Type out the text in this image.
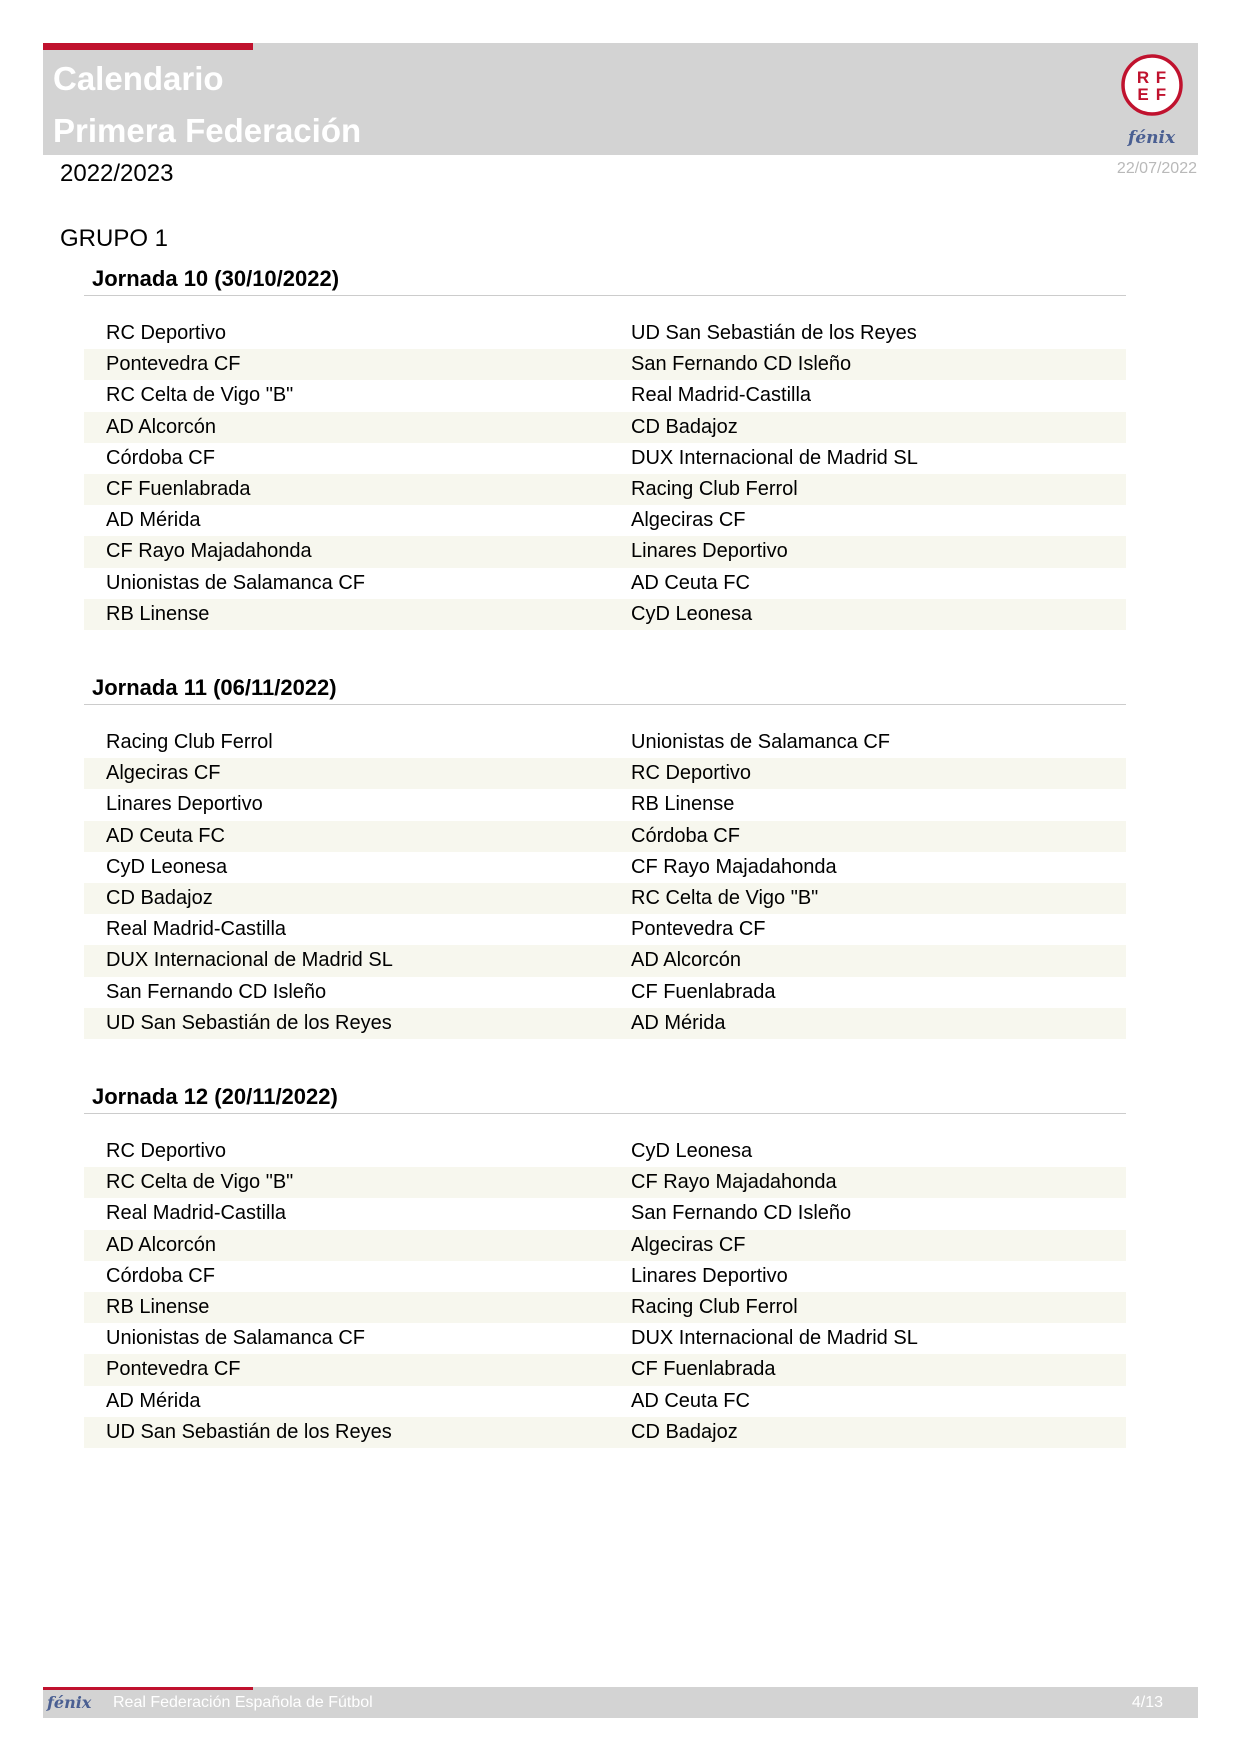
Calendario
Primera Federación
R F
E F
fénix
2022/2023	22/07/2022
GRUPO 1
Jornada 10 (30/10/2022)
RC Deportivo	UD San Sebastián de los Reyes
Pontevedra CF	San Fernando CD Isleño
RC Celta de Vigo "B"	Real Madrid-Castilla
AD Alcorcón	CD Badajoz
Córdoba CF	DUX Internacional de Madrid SL
CF Fuenlabrada	Racing Club Ferrol
AD Mérida	Algeciras CF
CF Rayo Majadahonda	Linares Deportivo
Unionistas de Salamanca CF	AD Ceuta FC
RB Linense	CyD Leonesa
Jornada 11 (06/11/2022)
Racing Club Ferrol	Unionistas de Salamanca CF
Algeciras CF	RC Deportivo
Linares Deportivo	RB Linense
AD Ceuta FC	Córdoba CF
CyD Leonesa	CF Rayo Majadahonda
CD Badajoz	RC Celta de Vigo "B"
Real Madrid-Castilla	Pontevedra CF
DUX Internacional de Madrid SL	AD Alcorcón
San Fernando CD Isleño	CF Fuenlabrada
UD San Sebastián de los Reyes	AD Mérida
Jornada 12 (20/11/2022)
RC Deportivo	CyD Leonesa
RC Celta de Vigo "B"	CF Rayo Majadahonda
Real Madrid-Castilla	San Fernando CD Isleño
AD Alcorcón	Algeciras CF
Córdoba CF	Linares Deportivo
RB Linense	Racing Club Ferrol
Unionistas de Salamanca CF	DUX Internacional de Madrid SL
Pontevedra CF	CF Fuenlabrada
AD Mérida	AD Ceuta FC
UD San Sebastián de los Reyes	CD Badajoz
fénix Real Federación Española de Fútbol	4/13
